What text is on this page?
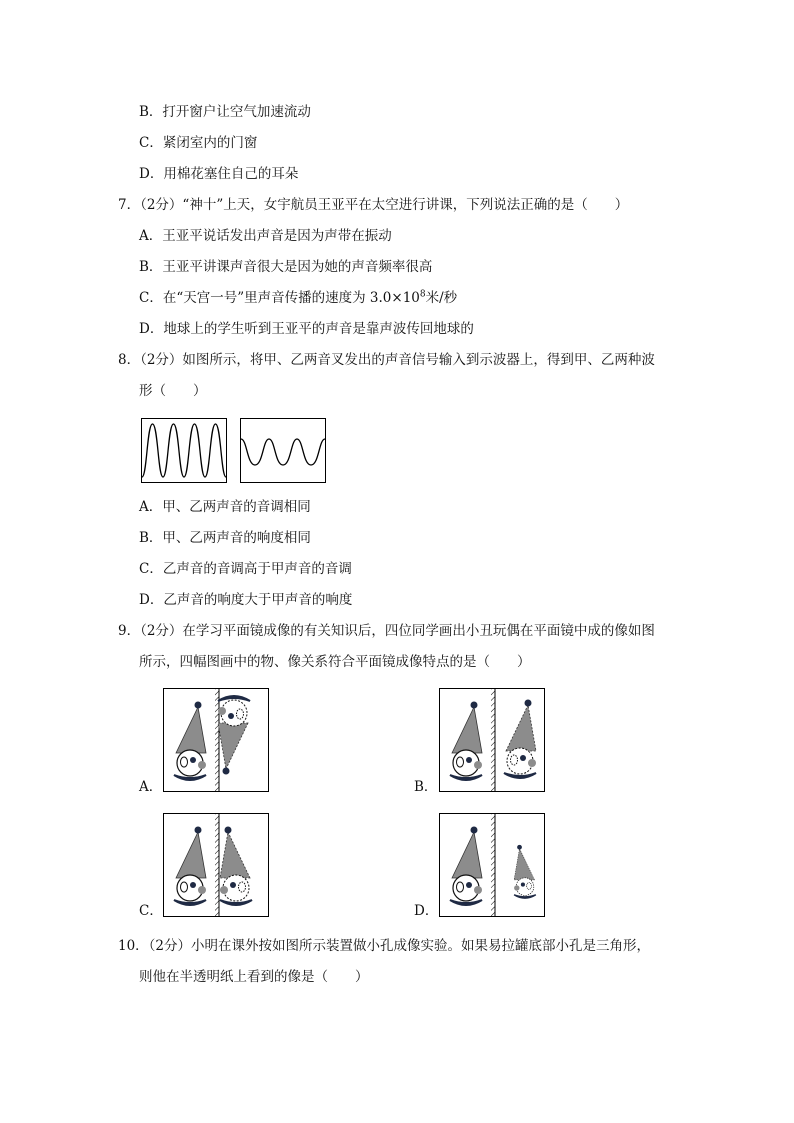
B．打开窗户让空气加速流动
C．紧闭室内的门窗
D．用棉花塞住自己的耳朵
7．（2分）“神十”上天，女宇航员王亚平在太空进行讲课，下列说法正确的是（　　）
A．王亚平说话发出声音是因为声带在振动
B．王亚平讲课声音很大是因为她的声音频率很高
C．在“天宫一号”里声音传播的速度为 $3.0\times 10^8$米/秒
D．地球上的学生听到王亚平的声音是靠声波传回地球的
8．（2分）如图所示，将甲、乙两音叉发出的声音信号输入到示波器上，得到甲、乙两种波
形（　　）
A．甲、乙两声音的音调相同
B．甲、乙两声音的响度相同
C．乙声音的音调高于甲声音的音调
D．乙声音的响度大于甲声音的响度
9．（2分）在学习平面镜成像的有关知识后，四位同学画出小丑玩偶在平面镜中成的像如图
所示，四幅图画中的物、像关系符合平面镜成像特点的是（　　）
A．	B．
C．	D．
10．（2分）小明在课外按如图所示装置做小孔成像实验。如果易拉罐底部小孔是三角形，
则他在半透明纸上看到的像是（　　）
